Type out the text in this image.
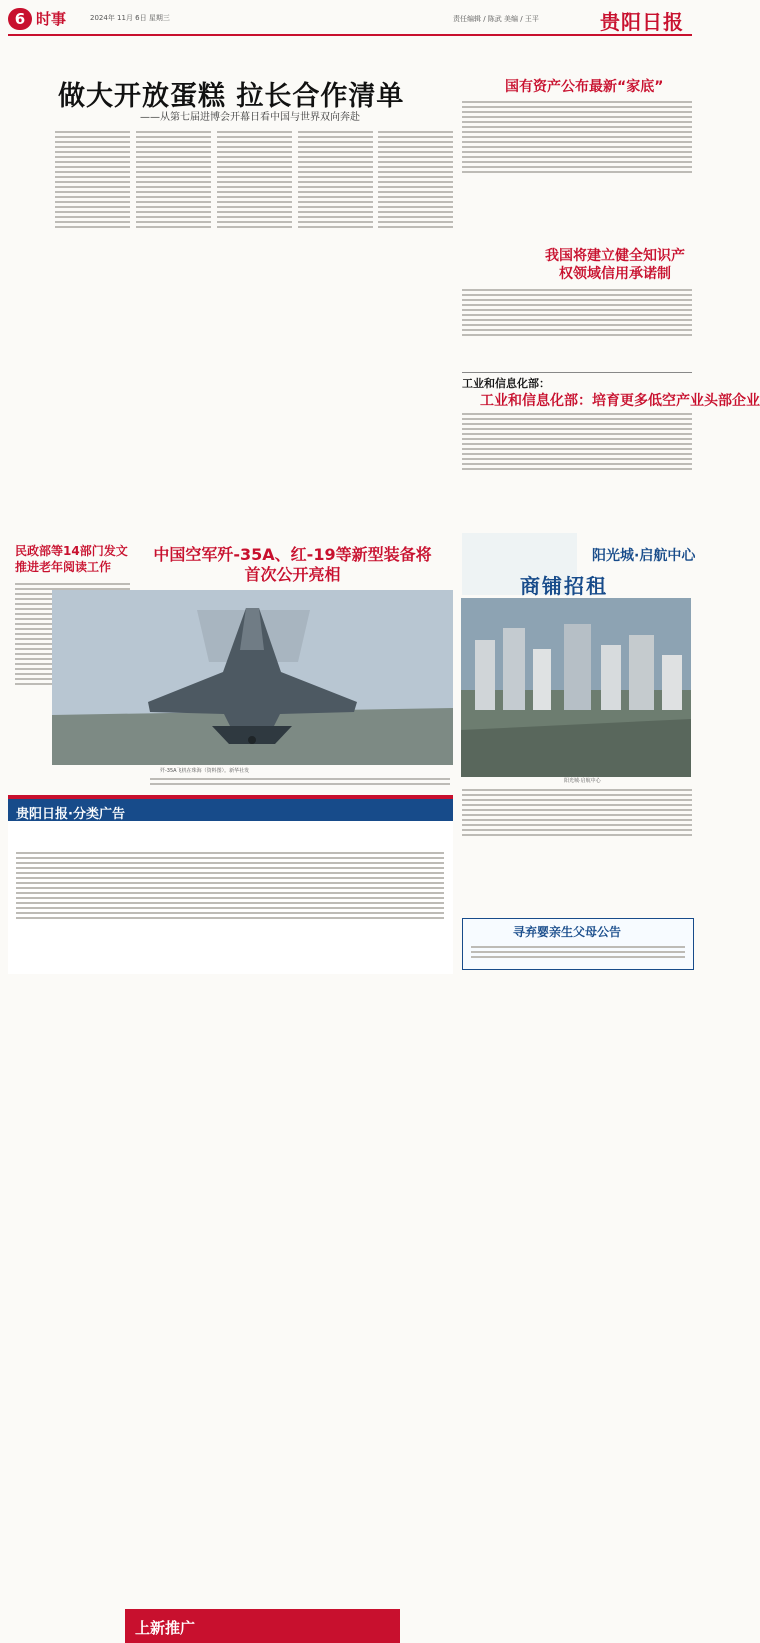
6 时事	2024年 11月 6日 星期三	责任编辑 / 陈武 美编 / 王平	贵阳日报
做大开放蛋糕 拉长合作清单
——从第七届进博会开幕日看中国与世界双向奔赴
国有资产公布最新“家底”
我国将建立健全知识产权领域信用承诺制
工业和信息化部：
工业和信息化部：培育更多低空产业头部企业
民政部等14部门发文推进老年阅读工作
中国空军歼-35A、红-19等新型装备将首次公开亮相
歼-35A飞机在珠海（资料图）。新华社发
阳光城·启航中心
商铺招租
阳光城·启航中心
贵阳日报·分类广告
上新推广
寻弃婴亲生父母公告
